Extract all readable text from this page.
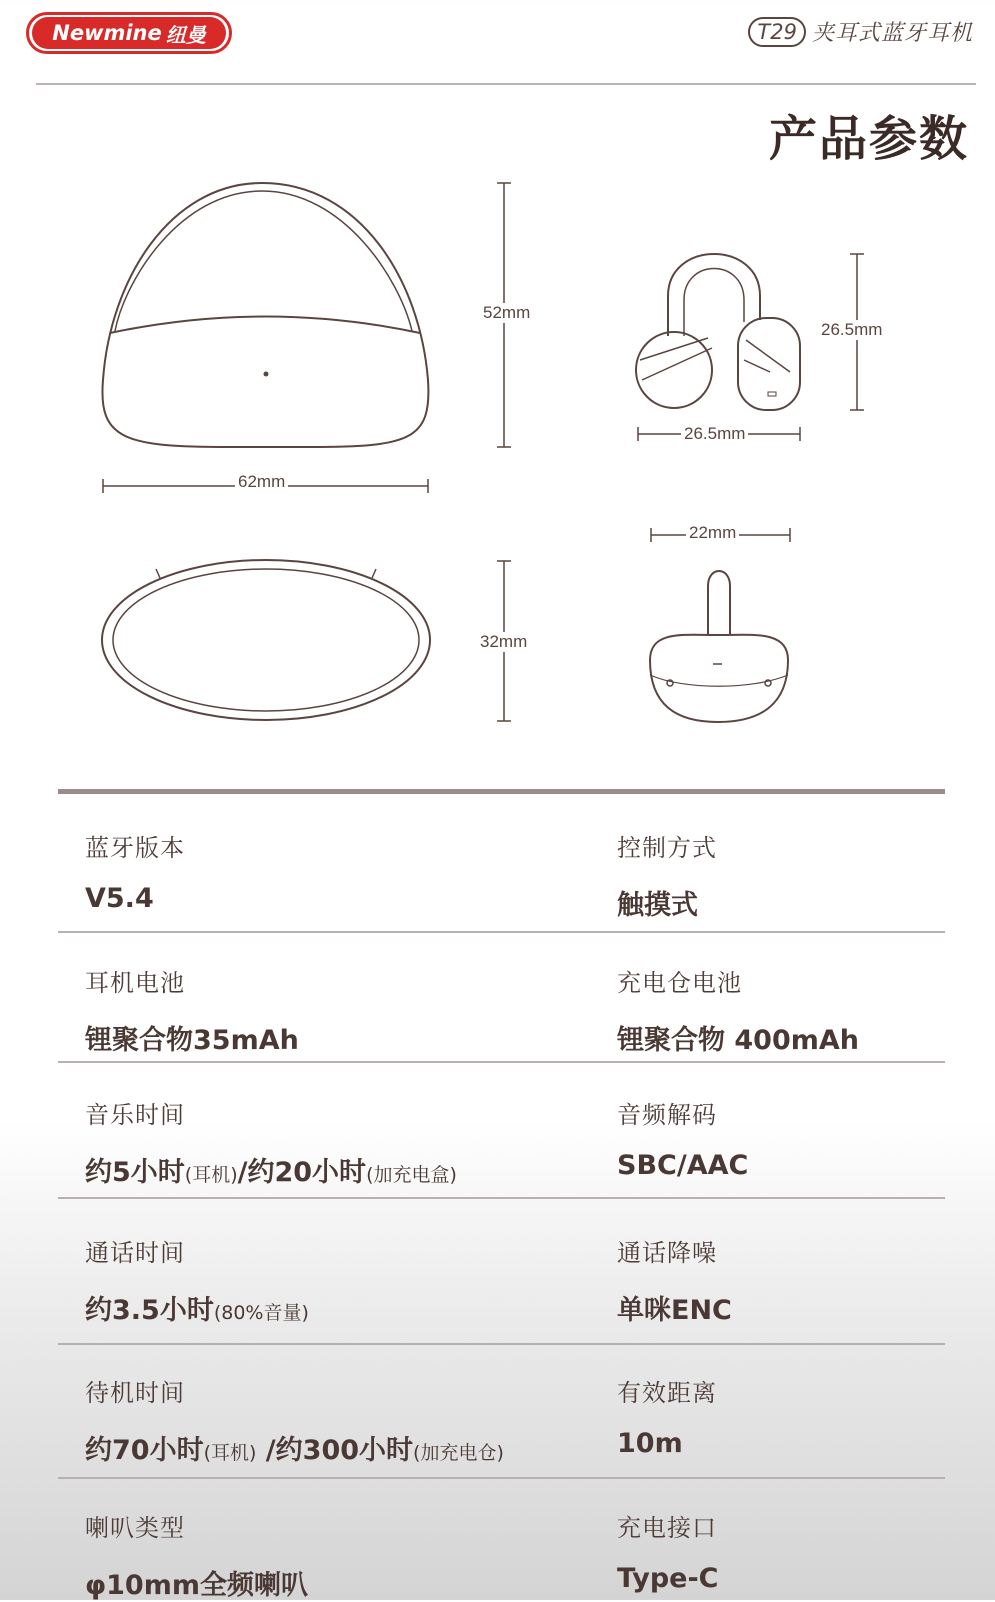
Newmine 纽曼	T29 夹耳式蓝牙耳机
产品参数
52mm
62mm
32mm
26.5mm
26.5mm
22mm
蓝牙版本
V5.4
控制方式
触摸式
耳机电池
锂聚合物35mAh
充电仓电池
锂聚合物 400mAh
音乐时间
约5小时(耳机)/约20小时(加充电盒)
音频解码
SBC/AAC
通话时间
约3.5小时(80%音量)
通话降噪
单咪ENC
待机时间
约70小时(耳机) /约300小时(加充电仓)
有效距离
10m
喇叭类型
φ10mm全频喇叭
充电接口
Type-C
